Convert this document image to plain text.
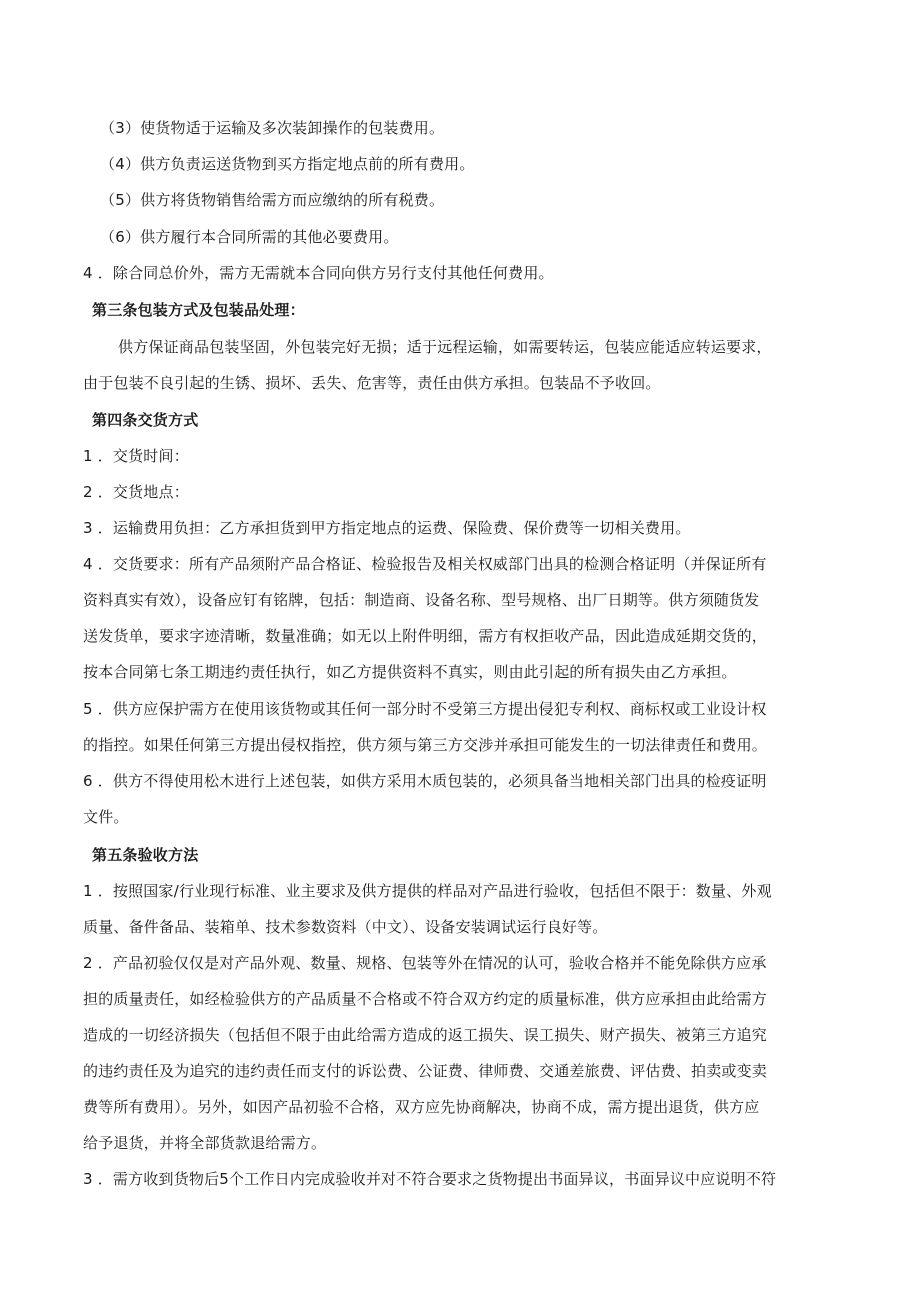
（3）使货物适于运输及多次装卸操作的包装费用。

（4）供方负责运送货物到买方指定地点前的所有费用。

（5）供方将货物销售给需方而应缴纳的所有税费。

（6）供方履行本合同所需的其他必要费用。

4 ．除合同总价外，需方无需就本合同向供方另行支付其他任何费用。

第三条包装方式及包装品处理：

供方保证商品包装坚固，外包装完好无损；适于远程运输，如需要转运，包装应能适应转运要求，

由于包装不良引起的生锈、损坏、丢失、危害等，责任由供方承担。包装品不予收回。

第四条交货方式

1 ．交货时间：

2 ．交货地点：

3 ．运输费用负担：乙方承担货到甲方指定地点的运费、保险费、保价费等一切相关费用。

4 ．交货要求：所有产品须附产品合格证、检验报告及相关权威部门出具的检测合格证明（并保证所有

资料真实有效），设备应钉有铭牌，包括：制造商、设备名称、型号规格、出厂日期等。供方须随货发

送发货单，要求字迹清晰，数量准确；如无以上附件明细，需方有权拒收产品，因此造成延期交货的，

按本合同第七条工期违约责任执行，如乙方提供资料不真实，则由此引起的所有损失由乙方承担。

5 ．供方应保护需方在使用该货物或其任何一部分时不受第三方提出侵犯专利权、商标权或工业设计权

的指控。如果任何第三方提出侵权指控，供方须与第三方交涉并承担可能发生的一切法律责任和费用。

6 ．供方不得使用松木进行上述包装，如供方采用木质包装的，必须具备当地相关部门出具的检疫证明

文件。

第五条验收方法

1 ．按照国家/行业现行标准、业主要求及供方提供的样品对产品进行验收，包括但不限于：数量、外观

质量、备件备品、装箱单、技术参数资料（中文）、设备安装调试运行良好等。

2 ．产品初验仅仅是对产品外观、数量、规格、包装等外在情况的认可，验收合格并不能免除供方应承

担的质量责任，如经检验供方的产品质量不合格或不符合双方约定的质量标准，供方应承担由此给需方

造成的一切经济损失（包括但不限于由此给需方造成的返工损失、误工损失、财产损失、被第三方追究

的违约责任及为追究的违约责任而支付的诉讼费、公证费、律师费、交通差旅费、评估费、拍卖或变卖

费等所有费用）。另外，如因产品初验不合格，双方应先协商解决，协商不成，需方提出退货，供方应

给予退货，并将全部货款退给需方。

3 ．需方收到货物后5个工作日内完成验收并对不符合要求之货物提出书面异议，书面异议中应说明不符
